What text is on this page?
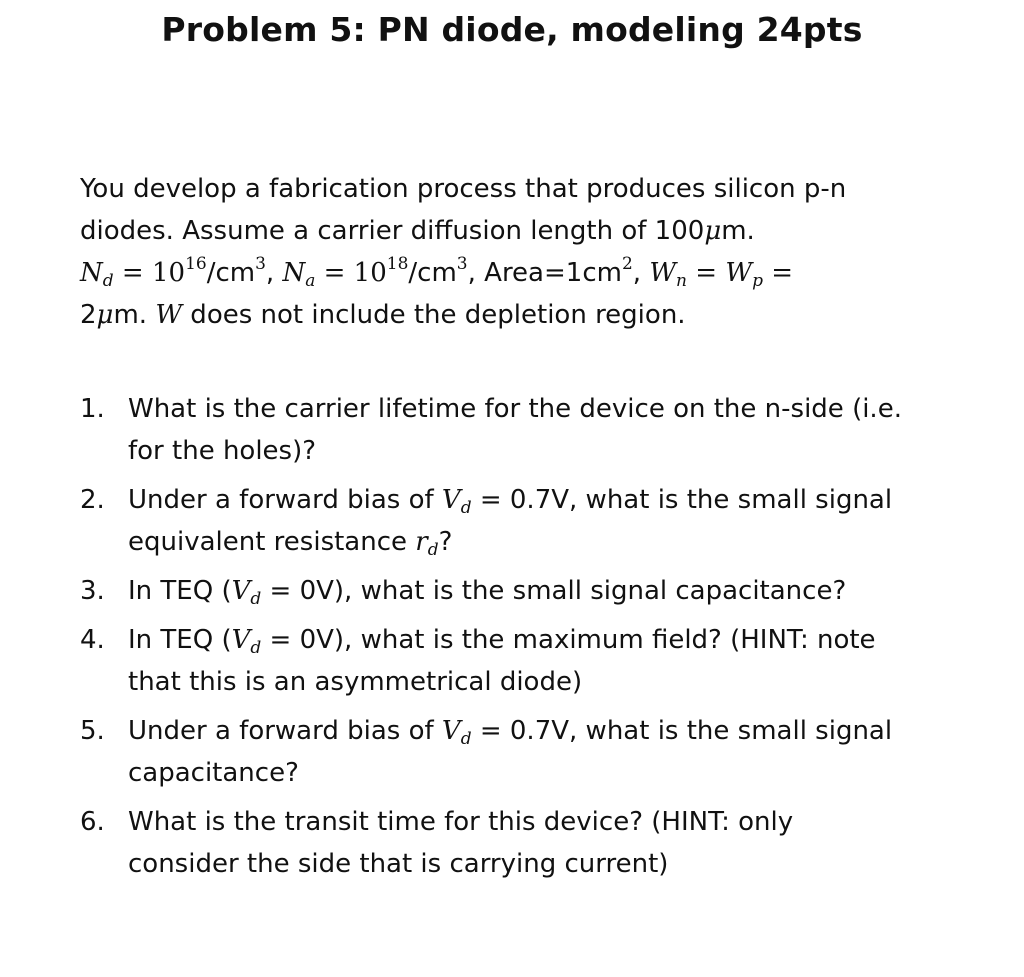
Problem 5: PN diode, modeling 24pts
You develop a fabrication process that produces silicon p-n
diodes. Assume a carrier diffusion length of 100μm.
$N_d = 10^{16}/cm^3$, $N_a = 10^{18}/cm^3$, $Area=1cm^2$, $W_n = W_p$ =
2μm. W does not include the depletion region.
1. What is the carrier lifetime for the device on the n-side (i.e.
for the holes)?
2. Under a forward bias of $V_d = 0.7V$, what is the small signal
equivalent resistance $r_d$?
3. In TEQ $(V_d = 0V)$, what is the small signal capacitance?
4. In TEQ $(V_d = 0V)$, what is the maximum field? (HINT: note
that this is an asymmetrical diode)
5. Under a forward bias of $V_d = 0.7V$, what is the small signal
capacitance?
6. What is the transit time for this device? (HINT: only
consider the side that is carrying current)
